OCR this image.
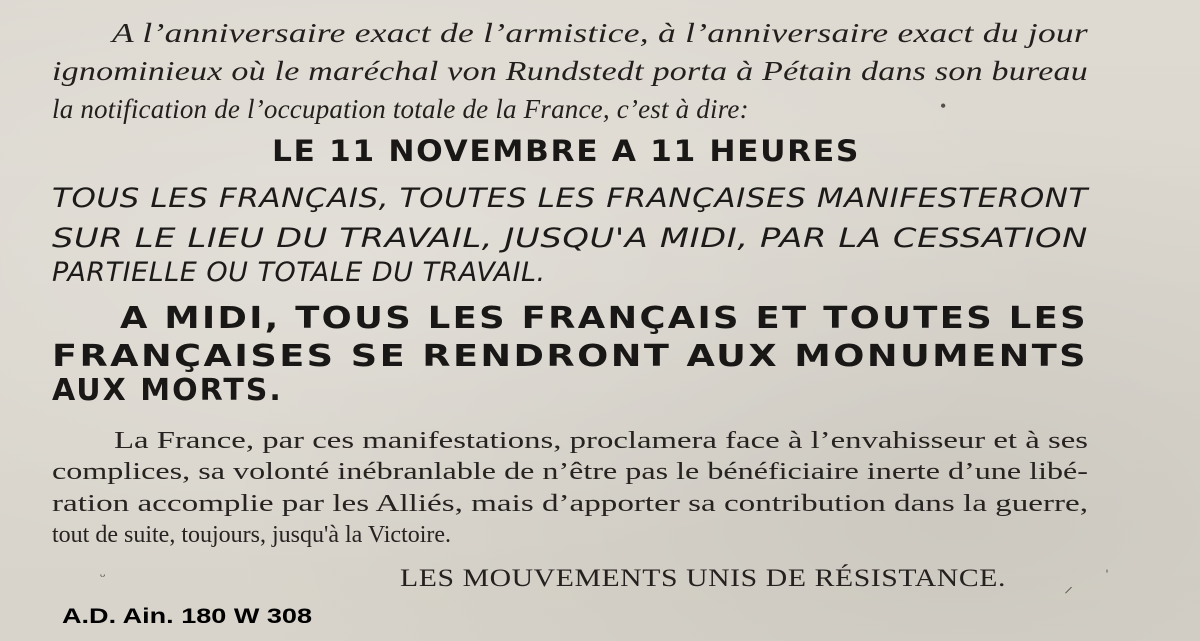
A l’anniversaire exact de l’armistice, à l’anniversaire exact du jour

ignominieux où le maréchal von Rundstedt porta à Pétain dans son bureau

la notification de l’occupation totale de la France, c’est à dire:

LE 11 NOVEMBRE A 11 HEURES

TOUS LES FRANÇAIS, TOUTES LES FRANÇAISES MANIFESTERONT

SUR LE LIEU DU TRAVAIL, JUSQU'A MIDI, PAR LA CESSATION

PARTIELLE OU TOTALE DU TRAVAIL.

A MIDI, TOUS LES FRANÇAIS ET TOUTES LES

FRANÇAISES SE RENDRONT AUX MONUMENTS

AUX MORTS.

La France, par ces manifestations, proclamera face à l’envahisseur et à ses

complices, sa volonté inébranlable de n’être pas le bénéficiaire inerte d’une libé-

ration accomplie par les Alliés, mais d’apporter sa contribution dans la guerre,

tout de suite, toujours, jusqu'à la Victoire.

LES MOUVEMENTS UNIS DE RÉSISTANCE.

A.D. Ain. 180 W 308

ᵕ
•
ˈ
⸝
